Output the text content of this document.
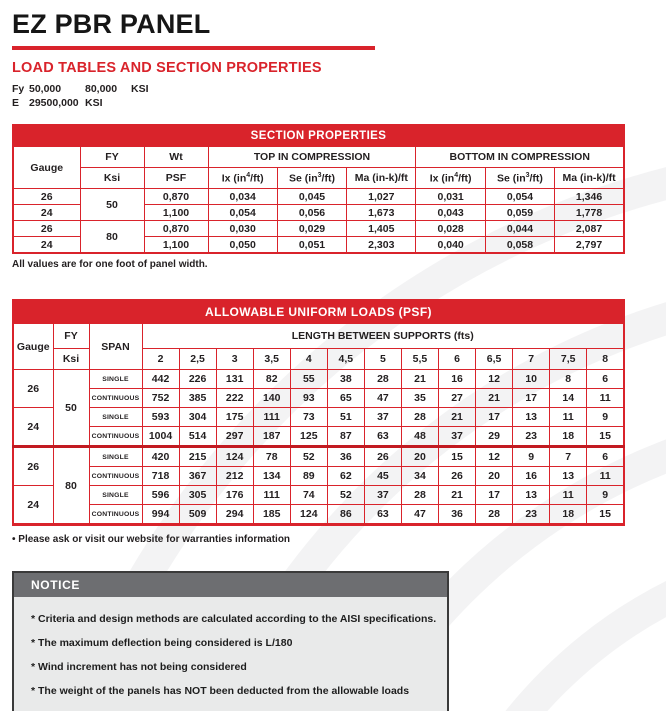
EZ PBR PANEL
LOAD TABLES AND SECTION PROPERTIES
Fy 50,000	80,000	KSI
E 29500,000 KSI
SECTION PROPERTIES								
Gauge	FY	Wt	TOP IN COMPRESSION			BOTTOM IN COMPRESSION		
	Ksi	PSF	Ix $(in^4/ft)$	Se $(in^3/ft)$	Ma (in-k)/ft	Ix $(in^4/ft)$	Se $(in^3/ft)$	Ma (in-k)/ft
26	50	0,870	0,034	0,045	1,027	0,031	0,054	1,346
24		1,100	0,054	0,056	1,673	0,043	0,059	1,778
26	80	0,870	0,030	0,029	1,405	0,028	0,044	2,087
24		1,100	0,050	0,051	2,303	0,040	0,058	2,797
All values are for one foot of panel width.
ALLOWABLE UNIFORM LOADS (PSF)															
Gauge	FY	SPAN	LENGTH BETWEEN SUPPORTS (fts)												
	Ksi		2	2,5	3	3,5	4	4,5	5	5,5	6	6,5	7	7,5	8
26	50	SINGLE	442	226	131	82	55	38	28	21	16	12	10	8	6
		CONTINUOUS	752	385	222	140	93	65	47	35	27	21	17	14	11
24		SINGLE	593	304	175	111	73	51	37	28	21	17	13	11	9
		CONTINUOUS	1004	514	297	187	125	87	63	48	37	29	23	18	15
26	80	SINGLE	420	215	124	78	52	36	26	20	15	12	9	7	6
		CONTINUOUS	718	367	212	134	89	62	45	34	26	20	16	13	11
24		SINGLE	596	305	176	111	74	52	37	28	21	17	13	11	9
		CONTINUOUS	994	509	294	185	124	86	63	47	36	28	23	18	15
• Please ask or visit our website for warranties information
NOTICE
* Criteria and design methods are calculated according to the AISI specifications.
* The maximum deflection being considered is L/180
* Wind increment has not being considered
* The weight of the panels has NOT been deducted from the allowable loads
